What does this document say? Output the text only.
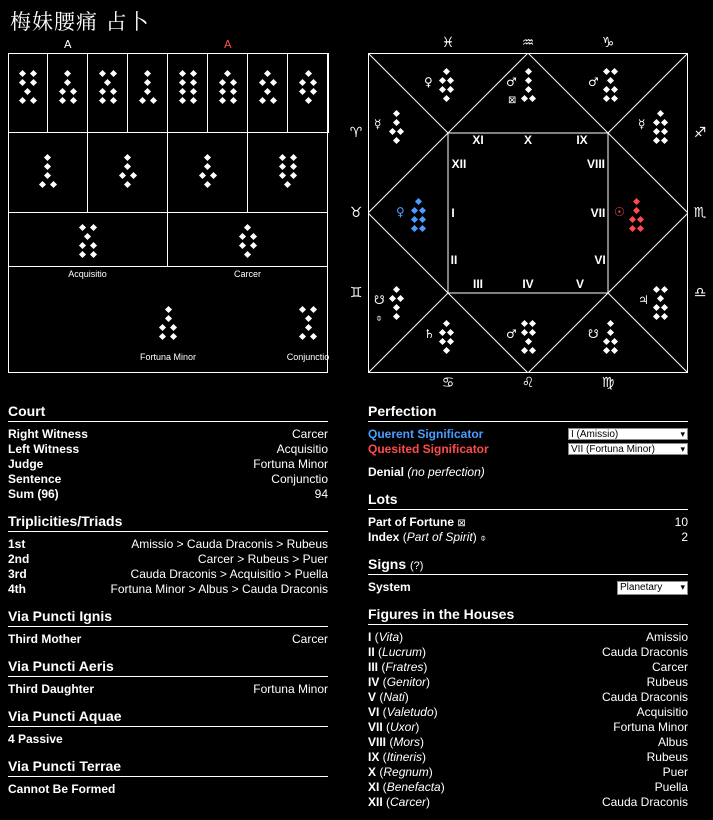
梅妹腰痛 占卜
Acquisitio	Carcer
Fortuna Minor	Conjunctio
I
II
III	IV	V
VI
VII
VIII
IX
X
XI
XII
♓	♒	♑
♈	♐
♉	♏
♊	♎
♋	♌	♍
♀
☋
⌽
♄	♂	☋
♃
☉
☿
♂
♂
⊠
♀
☿
Court
Right Witness	Carcer
Left Witness	Acquisitio
Judge	Fortuna Minor
Sentence	Conjunctio
Sum (96)	94
Triplicities/Triads
1st	Amissio > Cauda Draconis > Rubeus
2nd	Carcer > Rubeus > Puer
3rd	Cauda Draconis > Acquisitio > Puella
4th	Fortuna Minor > Albus > Cauda Draconis
Via Puncti Ignis
Third Mother	Carcer
Via Puncti Aeris
Third Daughter	Fortuna Minor
Via Puncti Aquae
4 Passive
Via Puncti Terrae
Cannot Be Formed
Perfection
Querent Significator	I (Amissio)	▾
Quesited Significator	VII (Fortuna Minor)	▾
Denial (no perfection)
Lots
Part of Fortune ⊠	10
Index (Part of Spirit) ⌽	2
Signs (?)
System	Planetary ▾
Figures in the Houses
I (Vita)	Amissio
II (Lucrum)	Cauda Draconis
III (Fratres)	Carcer
IV (Genitor)	Rubeus
V (Nati)	Cauda Draconis
VI (Valetudo)	Acquisitio
VII (Uxor)	Fortuna Minor
VIII (Mors)	Albus
IX (Itineris)	Rubeus
X (Regnum)	Puer
XI (Benefacta)	Puella
XII (Carcer)	Cauda Draconis
A	A
